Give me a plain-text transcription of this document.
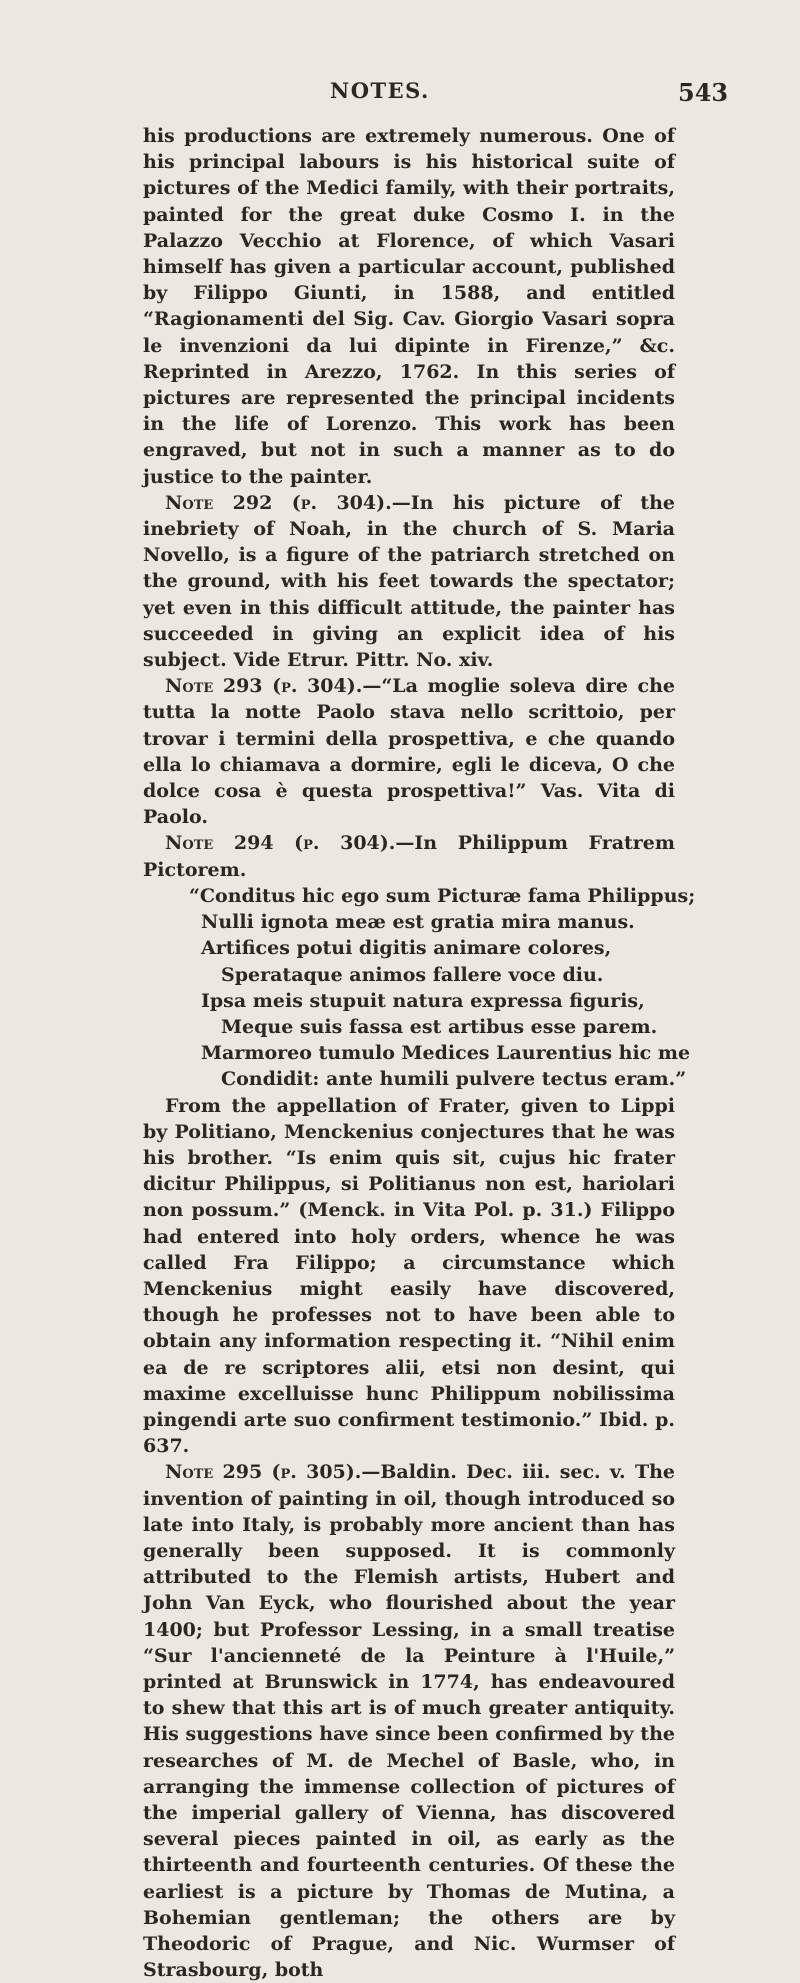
NOTES.	543

his productions are extremely numerous. One of his principal labours is his historical suite of pictures of the Medici family, with their portraits, painted for the great duke Cosmo I. in the Palazzo Vecchio at Florence, of which Vasari himself has given a particular account, published by Filippo Giunti, in 1588, and entitled “Ragionamenti del Sig. Cav. Giorgio Vasari sopra le invenzioni da lui dipinte in Firenze,” &c. Reprinted in Arezzo, 1762. In this series of pictures are represented the principal incidents in the life of Lorenzo. This work has been engraved, but not in such a manner as to do justice to the painter.

Note 292 (p. 304).—In his picture of the inebriety of Noah, in the church of S. Maria Novello, is a figure of the patriarch stretched on the ground, with his feet towards the spectator; yet even in this difficult attitude, the painter has succeeded in giving an explicit idea of his subject. Vide Etrur. Pittr. No. xiv.

Note 293 (p. 304).—“La moglie soleva dire che tutta la notte Paolo stava nello scrittoio, per trovar i termini della prospettiva, e che quando ella lo chiamava a dormire, egli le diceva, O che dolce cosa è questa prospettiva!” Vas. Vita di Paolo.

Note 294 (p. 304).—In Philippum Fratrem Pictorem.

“Conditus hic ego sum Picturæ fama Philippus;

Nulli ignota meæ est gratia mira manus.

Artifices potui digitis animare colores,

Sperataque animos fallere voce diu.

Ipsa meis stupuit natura expressa figuris,

Meque suis fassa est artibus esse parem.

Marmoreo tumulo Medices Laurentius hic me

Condidit: ante humili pulvere tectus eram.”

From the appellation of Frater, given to Lippi by Politiano, Menckenius conjectures that he was his brother. “Is enim quis sit, cujus hic frater dicitur Philippus, si Politianus non est, hariolari non possum.” (Menck. in Vita Pol. p. 31.) Filippo had entered into holy orders, whence he was called Fra Filippo; a circumstance which Menckenius might easily have discovered, though he professes not to have been able to obtain any information respecting it. “Nihil enim ea de re scriptores alii, etsi non desint, qui maxime excelluisse hunc Philippum nobilissima pingendi arte suo confirment testimonio.” Ibid. p. 637.

Note 295 (p. 305).—Baldin. Dec. iii. sec. v. The invention of painting in oil, though introduced so late into Italy, is probably more ancient than has generally been supposed. It is commonly attributed to the Flemish artists, Hubert and John Van Eyck, who flourished about the year 1400; but Professor Lessing, in a small treatise “Sur l'ancienneté de la Peinture à l'Huile,” printed at Brunswick in 1774, has endeavoured to shew that this art is of much greater antiquity. His suggestions have since been confirmed by the researches of M. de Mechel of Basle, who, in arranging the immense collection of pictures of the imperial gallery of Vienna, has discovered several pieces painted in oil, as early as the thirteenth and fourteenth centuries. Of these the earliest is a picture by Thomas de Mutina, a Bohemian gentleman; the others are by Theodoric of Prague, and Nic. Wurmser of Strasbourg, both
